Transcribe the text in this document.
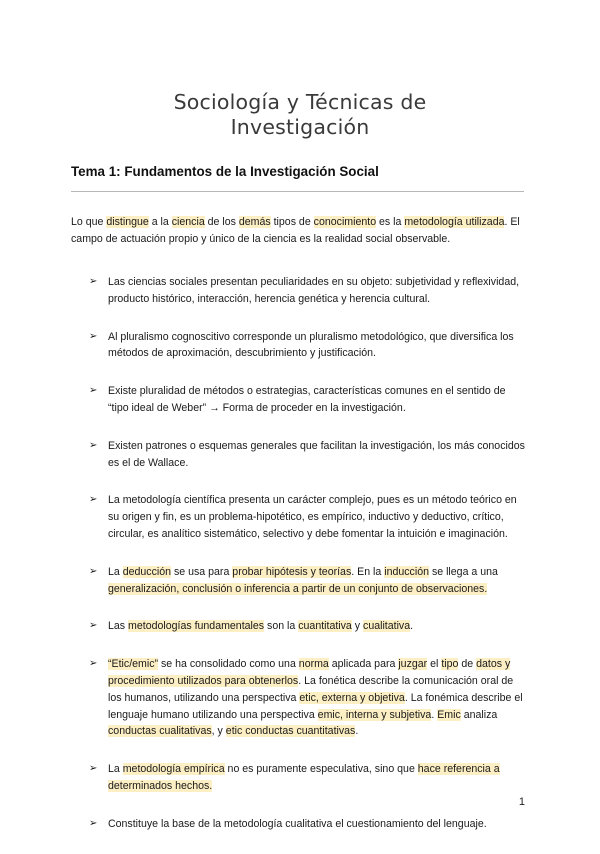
Sociología y Técnicas de
Investigación
Tema 1: Fundamentos de la Investigación Social

Lo que distingue a la ciencia de los demás tipos de conocimiento es la metodología utilizada. El campo de actuación propio y único de la ciencia es la realidad social observable.

➢ Las ciencias sociales presentan peculiaridades en su objeto: subjetividad y reflexividad, producto histórico, interacción, herencia genética y herencia cultural.
➢ Al pluralismo cognoscitivo corresponde un pluralismo metodológico, que diversifica los métodos de aproximación, descubrimiento y justificación.
➢ Existe pluralidad de métodos o estrategias, características comunes en el sentido de “tipo ideal de Weber” → Forma de proceder en la investigación.
➢ Existen patrones o esquemas generales que facilitan la investigación, los más conocidos es el de Wallace.
➢ La metodología científica presenta un carácter complejo, pues es un método teórico en su origen y fin, es un problema-hipotético, es empírico, inductivo y deductivo, crítico, circular, es analítico sistemático, selectivo y debe fomentar la intuición e imaginación.
➢ La deducción se usa para probar hipótesis y teorías. En la inducción se llega a una generalización, conclusión o inferencia a partir de un conjunto de observaciones.
➢ Las metodologías fundamentales son la cuantitativa y cualitativa.
➢ “Etic/emic” se ha consolidado como una norma aplicada para juzgar el tipo de datos y procedimiento utilizados para obtenerlos. La fonética describe la comunicación oral de los humanos, utilizando una perspectiva etic, externa y objetiva. La fonémica describe el lenguaje humano utilizando una perspectiva emic, interna y subjetiva. Emic analiza conductas cualitativas, y etic conductas cuantitativas.
➢ La metodología empírica no es puramente especulativa, sino que hace referencia a determinados hechos.
➢ Constituye la base de la metodología cualitativa el cuestionamiento del lenguaje.
1
